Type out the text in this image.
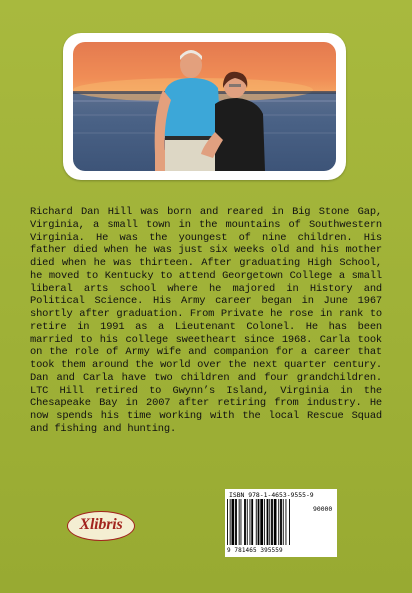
Richard Dan Hill was born and reared in Big Stone Gap, Virginia, a small town in the mountains of Southwestern Virginia. He was the youngest of nine children. His father died when he was just six weeks old and his mother died when he was thirteen. After graduating High School, he moved to Kentucky to attend Georgetown College a small liberal arts school where he majored in History and Political Science. His Army career began in June 1967 shortly after graduation. From Private he rose in rank to retire in 1991 as a Lieutenant Colonel. He has been married to his college sweetheart since 1968. Carla took on the role of Army wife and companion for a career that took them around the world over the next quarter century. Dan and Carla have two children and four grandchildren. LTC Hill retired to Gwynn’s Island, Virginia in the Chesapeake Bay in 2007 after retiring from industry. He now spends his time working with the local Rescue Squad and fishing and hunting.

Xlibris
ISBN 978-1-4653-9555-9
90000
9 781465 395559
